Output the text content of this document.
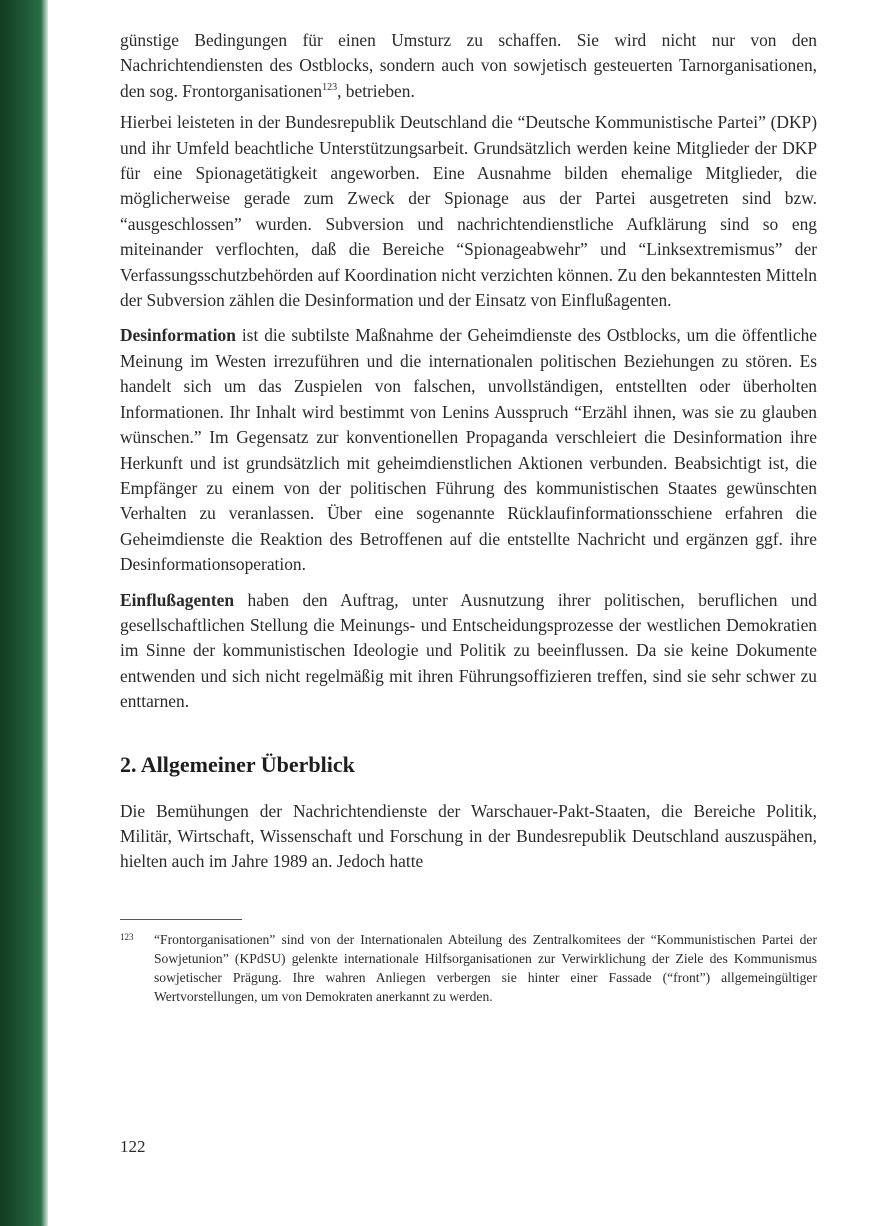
günstige Bedingungen für einen Umsturz zu schaffen. Sie wird nicht nur von den Nachrichtendiensten des Ostblocks, sondern auch von sowjetisch gesteuerten Tarnorganisationen, den sog. Frontorganisationen$^{123}$, betrieben.

Hierbei leisteten in der Bundesrepublik Deutschland die “Deutsche Kommunistische Partei” (DKP) und ihr Umfeld beachtliche Unterstützungsarbeit. Grundsätzlich werden keine Mitglieder der DKP für eine Spionagetätigkeit angeworben. Eine Ausnahme bilden ehemalige Mitglieder, die möglicherweise gerade zum Zweck der Spionage aus der Partei ausgetreten sind bzw. “ausgeschlossen” wurden. Subversion und nachrichtendienstliche Aufklärung sind so eng miteinander verflochten, daß die Bereiche “Spionageabwehr” und “Linksextremismus” der Verfassungsschutzbehörden auf Koordination nicht verzichten können. Zu den bekanntesten Mitteln der Subversion zählen die Desinformation und der Einsatz von Einflußagenten.

Desinformation ist die subtilste Maßnahme der Geheimdienste des Ostblocks, um die öffentliche Meinung im Westen irrezuführen und die internationalen politischen Beziehungen zu stören. Es handelt sich um das Zuspielen von falschen, unvollständigen, entstellten oder überholten Informationen. Ihr Inhalt wird bestimmt von Lenins Ausspruch “Erzähl ihnen, was sie zu glauben wünschen.” Im Gegensatz zur konventionellen Propaganda verschleiert die Desinformation ihre Herkunft und ist grundsätzlich mit geheimdienstlichen Aktionen verbunden. Beabsichtigt ist, die Empfänger zu einem von der politischen Führung des kommunistischen Staates gewünschten Verhalten zu veranlassen. Über eine sogenannte Rücklaufinformationsschiene erfahren die Geheimdienste die Reaktion des Betroffenen auf die entstellte Nachricht und ergänzen ggf. ihre Desinformationsoperation.

Einflußagenten haben den Auftrag, unter Ausnutzung ihrer politischen, beruflichen und gesellschaftlichen Stellung die Meinungs- und Entscheidungsprozesse der westlichen Demokratien im Sinne der kommunistischen Ideologie und Politik zu beeinflussen. Da sie keine Dokumente entwenden und sich nicht regelmäßig mit ihren Führungsoffizieren treffen, sind sie sehr schwer zu enttarnen.

2. Allgemeiner Überblick

Die Bemühungen der Nachrichtendienste der Warschauer-Pakt-Staaten, die Bereiche Politik, Militär, Wirtschaft, Wissenschaft und Forschung in der Bundesrepublik Deutschland auszuspähen, hielten auch im Jahre 1989 an. Jedoch hatte

123	“Frontorganisationen” sind von der Internationalen Abteilung des Zentralkomitees der “Kommunistischen Partei der Sowjetunion” (KPdSU) gelenkte internationale Hilfsorganisationen zur Verwirklichung der Ziele des Kommunismus sowjetischer Prägung. Ihre wahren Anliegen verbergen sie hinter einer Fassade (“front”) allgemeingültiger Wertvorstellungen, um von Demokraten anerkannt zu werden.
122
